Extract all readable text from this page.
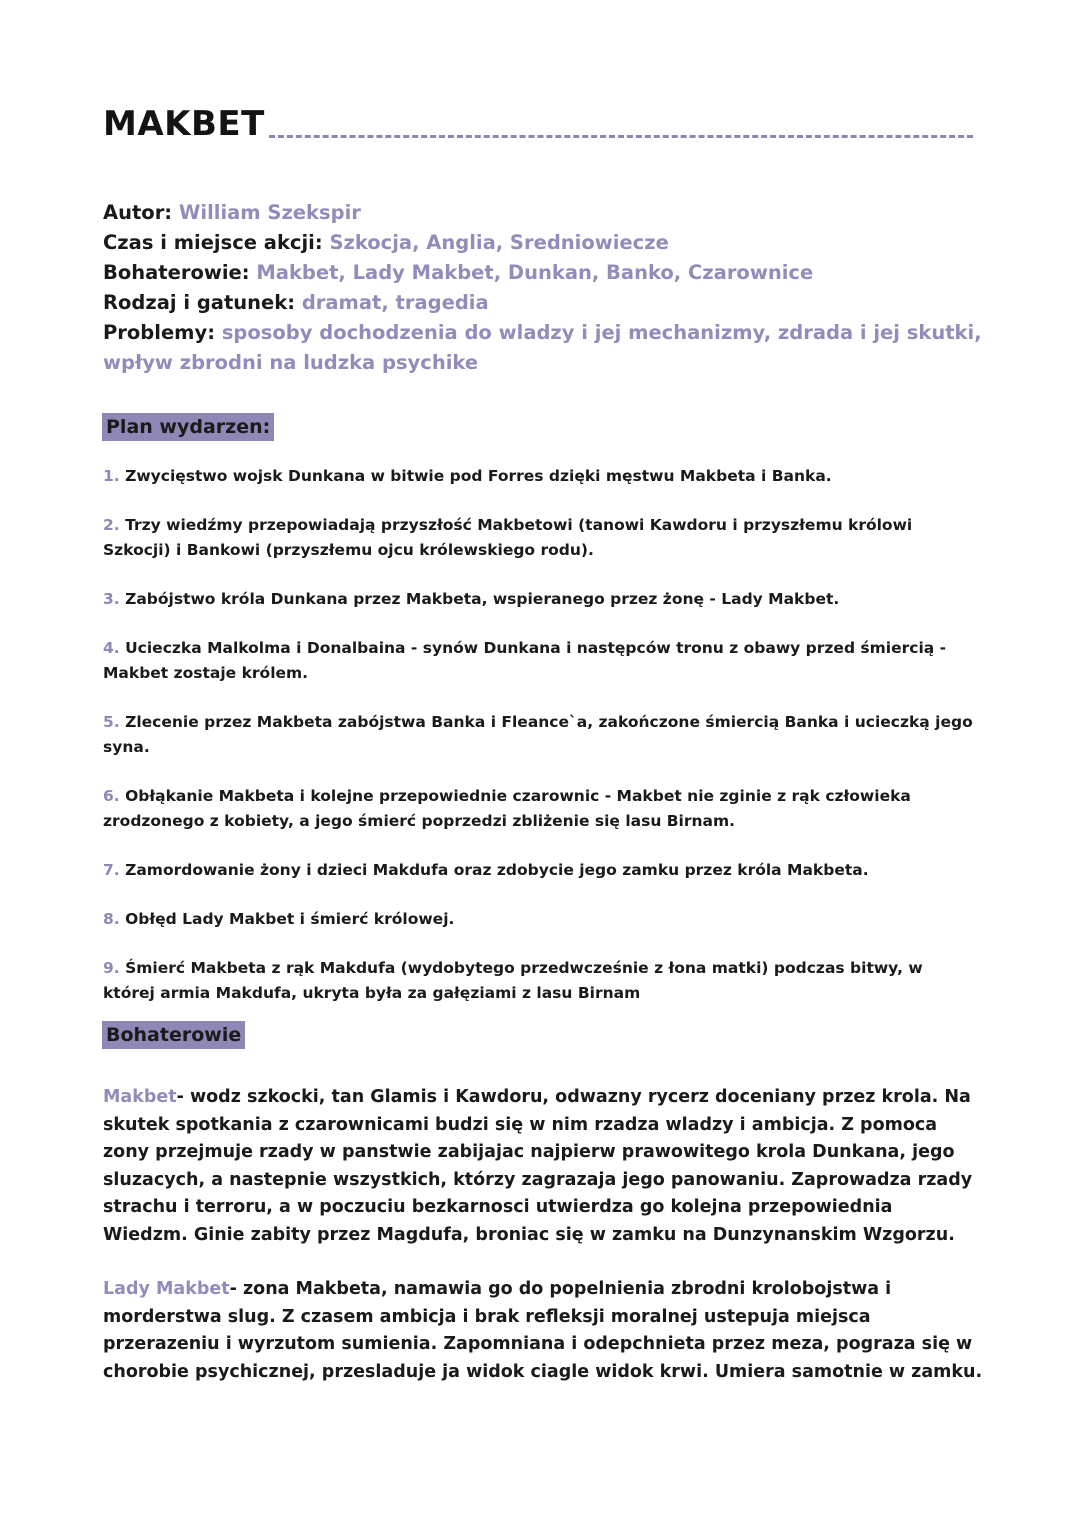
MAKBET

Autor: William Szekspir

Czas i miejsce akcji: Szkocja, Anglia, Sredniowiecze

Bohaterowie: Makbet, Lady Makbet, Dunkan, Banko, Czarownice

Rodzaj i gatunek: dramat, tragedia

Problemy: sposoby dochodzenia do wladzy i jej mechanizmy, zdrada i jej skutki, wpływ zbrodni na ludzka psychike

Plan wydarzen:
1. Zwycięstwo wojsk Dunkana w bitwie pod Forres dzięki męstwu Makbeta i Banka.
2. Trzy wiedźmy przepowiadają przyszłość Makbetowi (tanowi Kawdoru i przyszłemu królowi Szkocji) i Bankowi (przyszłemu ojcu królewskiego rodu).
3. Zabójstwo króla Dunkana przez Makbeta, wspieranego przez żonę - Lady Makbet.
4. Ucieczka Malkolma i Donalbaina - synów Dunkana i następców tronu z obawy przed śmiercią - Makbet zostaje królem.
5. Zlecenie przez Makbeta zabójstwa Banka i Fleance`a, zakończone śmiercią Banka i ucieczką jego syna.
6. Obłąkanie Makbeta i kolejne przepowiednie czarownic - Makbet nie zginie z rąk człowieka zrodzonego z kobiety, a jego śmierć poprzedzi zbliżenie się lasu Birnam.
7. Zamordowanie żony i dzieci Makdufa oraz zdobycie jego zamku przez króla Makbeta.
8. Obłęd Lady Makbet i śmierć królowej.
9. Śmierć Makbeta z rąk Makdufa (wydobytego przedwcześnie z łona matki) podczas bitwy, w której armia Makdufa, ukryta była za gałęziami z lasu Birnam
Bohaterowie

Makbet- wodz szkocki, tan Glamis i Kawdoru, odwazny rycerz doceniany przez krola. Na skutek spotkania z czarownicami budzi się w nim rzadza wladzy i ambicja. Z pomoca zony przejmuje rzady w panstwie zabijajac najpierw prawowitego krola Dunkana, jego sluzacych, a nastepnie wszystkich, którzy zagrazaja jego panowaniu. Zaprowadza rzady strachu i terroru, a w poczuciu bezkarnosci utwierdza go kolejna przepowiednia Wiedzm. Ginie zabity przez Magdufa, broniac się w zamku na Dunzynanskim Wzgorzu.

Lady Makbet- zona Makbeta, namawia go do popelnienia zbrodni krolobojstwa i morderstwa slug. Z czasem ambicja i brak refleksji moralnej ustepuja miejsca przerazeniu i wyrzutom sumienia. Zapomniana i odepchnieta przez meza, pograza się w chorobie psychicznej, przesladuje ja widok ciagle widok krwi. Umiera samotnie w zamku.
